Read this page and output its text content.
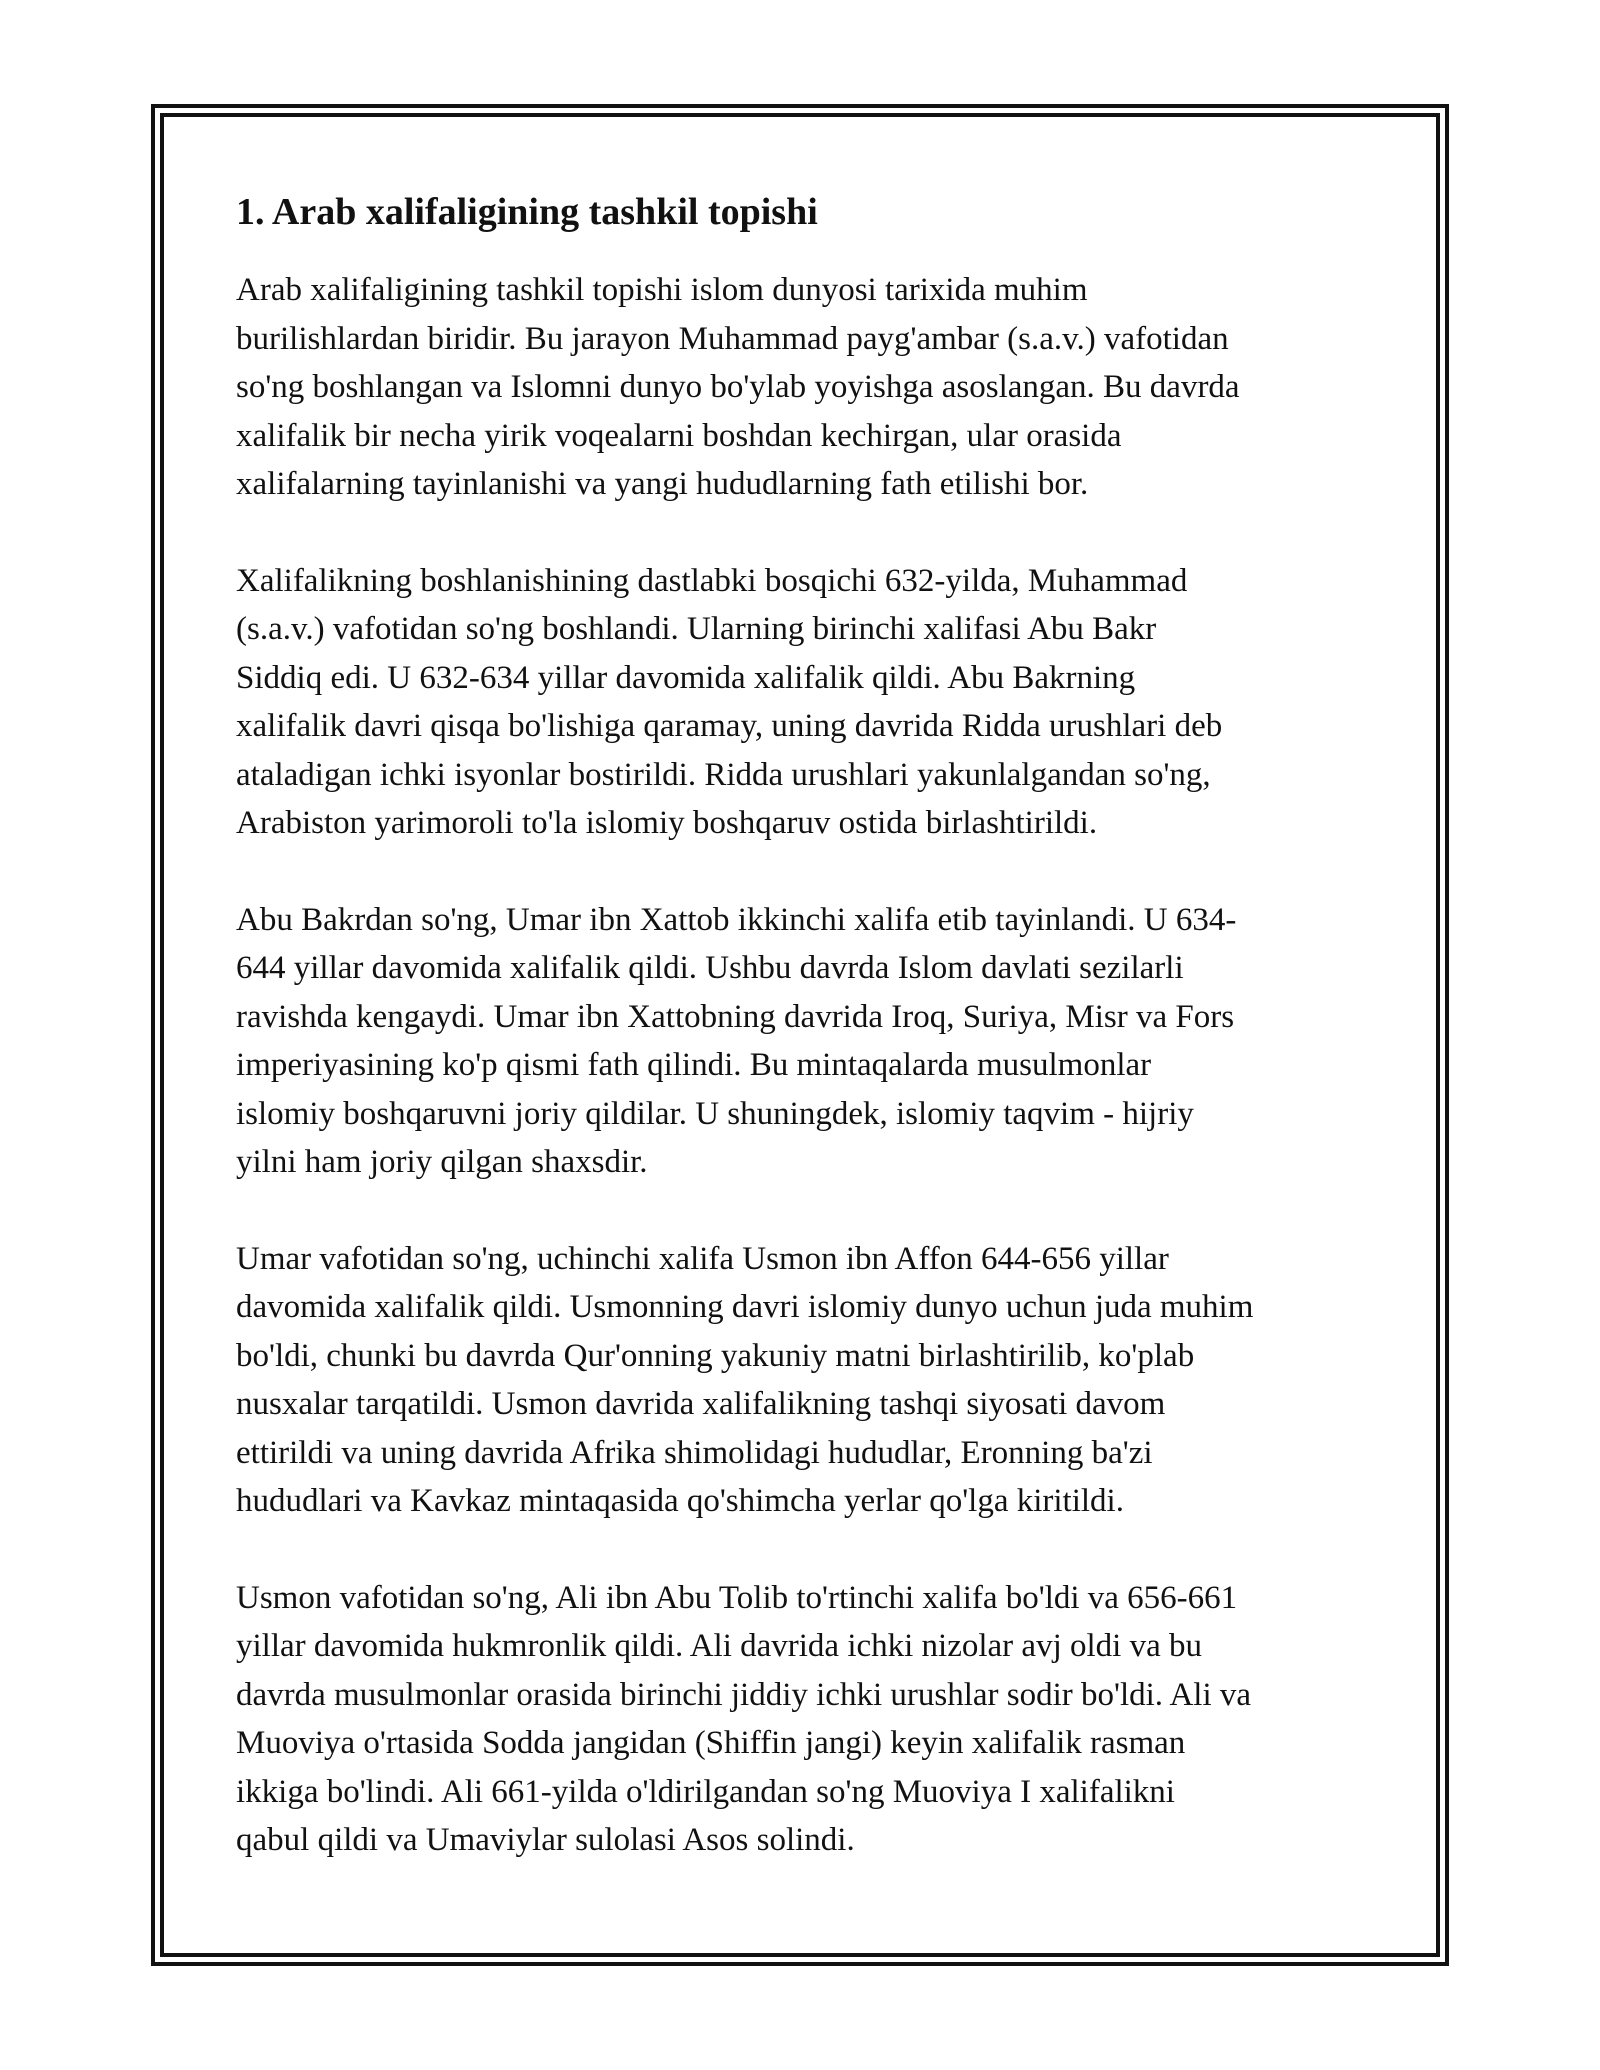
1. Arab xalifaligining tashkil topishi

Arab xalifaligining tashkil topishi islom dunyosi tarixida muhim
burilishlardan biridir. Bu jarayon Muhammad payg'ambar (s.a.v.) vafotidan
so'ng boshlangan va Islomni dunyo bo'ylab yoyishga asoslangan. Bu davrda
xalifalik bir necha yirik voqealarni boshdan kechirgan, ular orasida
xalifalarning tayinlanishi va yangi hududlarning fath etilishi bor.

Xalifalikning boshlanishining dastlabki bosqichi 632-yilda, Muhammad
(s.a.v.) vafotidan so'ng boshlandi. Ularning birinchi xalifasi Abu Bakr
Siddiq edi. U 632-634 yillar davomida xalifalik qildi. Abu Bakrning
xalifalik davri qisqa bo'lishiga qaramay, uning davrida Ridda urushlari deb
ataladigan ichki isyonlar bostirildi. Ridda urushlari yakunlalgandan so'ng,
Arabiston yarimoroli to'la islomiy boshqaruv ostida birlashtirildi.

Abu Bakrdan so'ng, Umar ibn Xattob ikkinchi xalifa etib tayinlandi. U 634-
644 yillar davomida xalifalik qildi. Ushbu davrda Islom davlati sezilarli
ravishda kengaydi. Umar ibn Xattobning davrida Iroq, Suriya, Misr va Fors
imperiyasining ko'p qismi fath qilindi. Bu mintaqalarda musulmonlar
islomiy boshqaruvni joriy qildilar. U shuningdek, islomiy taqvim - hijriy
yilni ham joriy qilgan shaxsdir.

Umar vafotidan so'ng, uchinchi xalifa Usmon ibn Affon 644-656 yillar
davomida xalifalik qildi. Usmonning davri islomiy dunyo uchun juda muhim
bo'ldi, chunki bu davrda Qur'onning yakuniy matni birlashtirilib, ko'plab
nusxalar tarqatildi. Usmon davrida xalifalikning tashqi siyosati davom
ettirildi va uning davrida Afrika shimolidagi hududlar, Eronning ba'zi
hududlari va Kavkaz mintaqasida qo'shimcha yerlar qo'lga kiritildi.

Usmon vafotidan so'ng, Ali ibn Abu Tolib to'rtinchi xalifa bo'ldi va 656-661
yillar davomida hukmronlik qildi. Ali davrida ichki nizolar avj oldi va bu
davrda musulmonlar orasida birinchi jiddiy ichki urushlar sodir bo'ldi. Ali va
Muoviya o'rtasida Sodda jangidan (Shiffin jangi) keyin xalifalik rasman
ikkiga bo'lindi. Ali 661-yilda o'ldirilgandan so'ng Muoviya I xalifalikni
qabul qildi va Umaviylar sulolasi Asos solindi.
